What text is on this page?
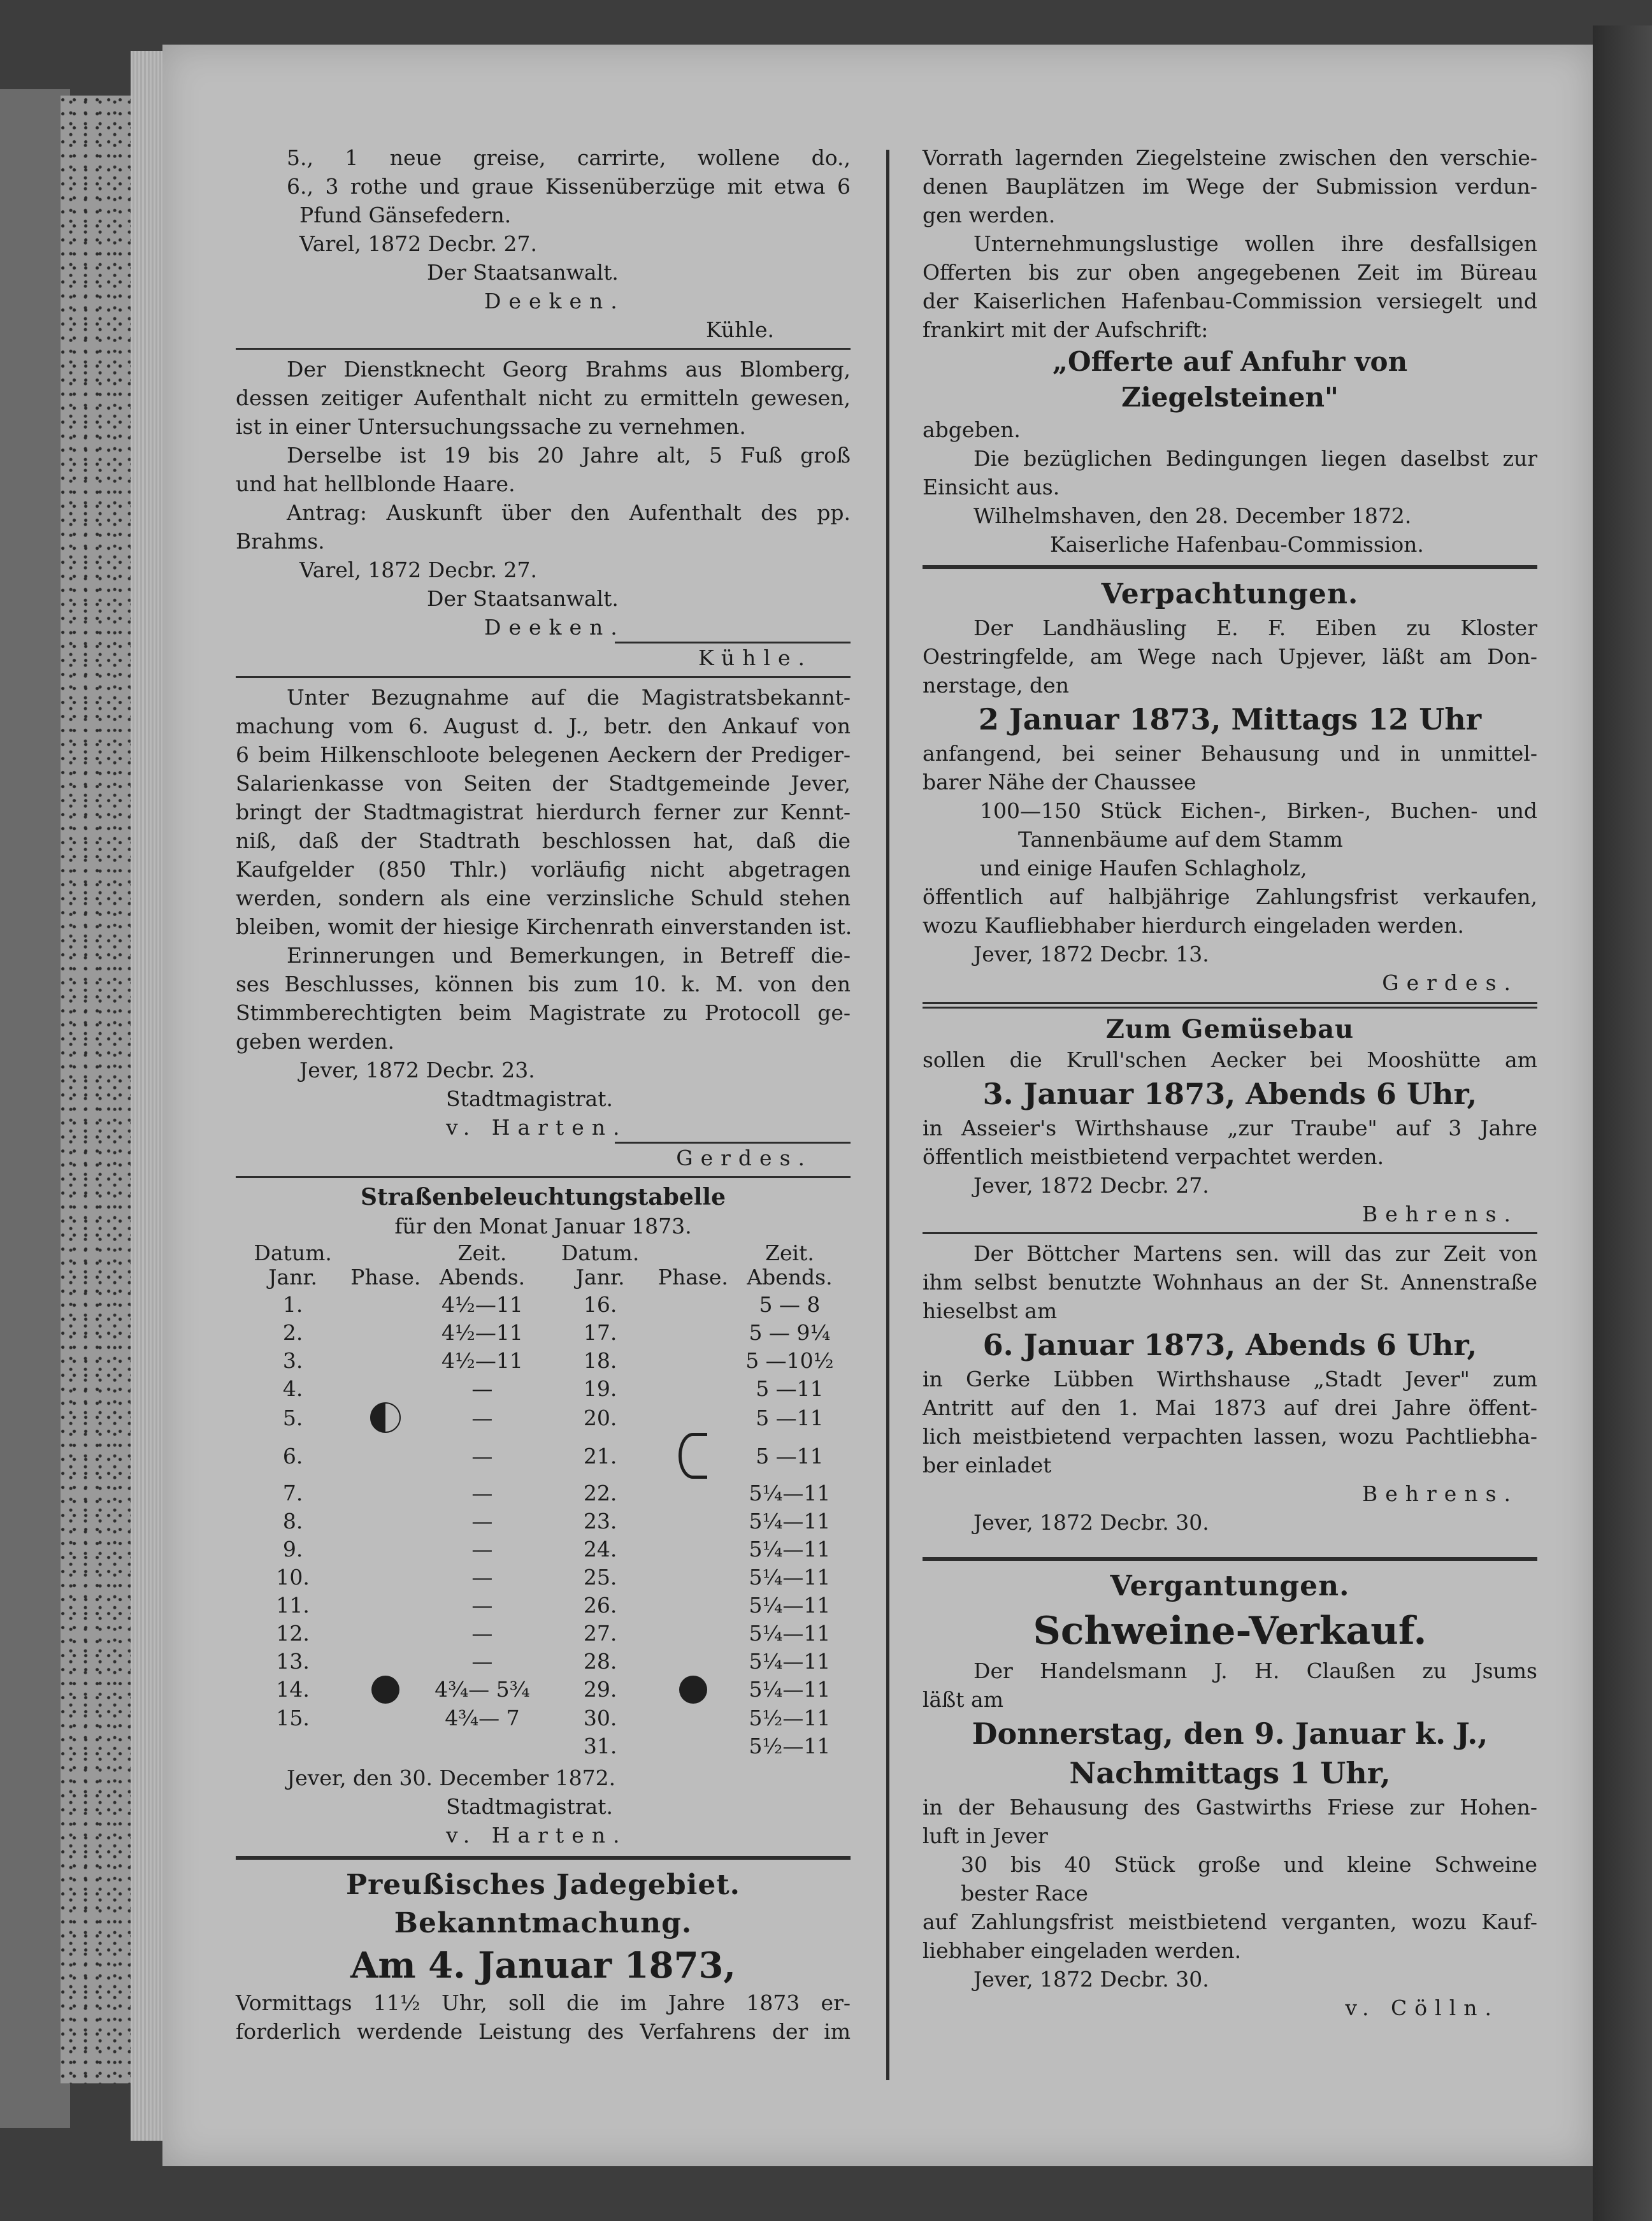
5., 1 neue greise, carrirte, wollene do.,
6., 3 rothe und graue Kissenüberzüge mit etwa 6
Pfund Gänsefedern.
Varel, 1872 Decbr. 27.
Der Staatsanwalt.
Deeken.
Kühle.
Der Dienstknecht Georg Brahms aus Blomberg,
dessen zeitiger Aufenthalt nicht zu ermitteln gewesen,
ist in einer Untersuchungssache zu vernehmen.
Derselbe ist 19 bis 20 Jahre alt, 5 Fuß groß
und hat hellblonde Haare.
Antrag: Auskunft über den Aufenthalt des pp.
Brahms.
Varel, 1872 Decbr. 27.
Der Staatsanwalt.
Deeken.
Kühle.
Unter Bezugnahme auf die Magistratsbekannt-
machung vom 6. August d. J., betr. den Ankauf von
6 beim Hilkenschloote belegenen Aeckern der Prediger-
Salarienkasse von Seiten der Stadtgemeinde Jever,
bringt der Stadtmagistrat hierdurch ferner zur Kennt-
niß, daß der Stadtrath beschlossen hat, daß die
Kaufgelder (850 Thlr.) vorläufig nicht abgetragen
werden, sondern als eine verzinsliche Schuld stehen
bleiben, womit der hiesige Kirchenrath einverstanden ist.
Erinnerungen und Bemerkungen, in Betreff die-
ses Beschlusses, können bis zum 10. k. M. von den
Stimmberechtigten beim Magistrate zu Protocoll ge-
geben werden.
Jever, 1872 Decbr. 23.
Stadtmagistrat.
v. Harten.
Gerdes.
Straßenbeleuchtungstabelle
für den Monat Januar 1873.
Datum. Janr.	Phase.	Zeit. Abends.	Datum. Janr.	Phase.	Zeit. Abends.
1.		4½—11	16.		5 — 8
2.		4½—11	17.		5 — 9¼
3.		4½—11	18.		5 —10½
4.		—	19.		5 —11
5.		—	20.		5 —11
6.		—	21.		5 —11
7.		—	22.		5¼—11
8.		—	23.		5¼—11
9.		—	24.		5¼—11
10.		—	25.		5¼—11
11.		—	26.		5¼—11
12.		—	27.		5¼—11
13.		—	28.		5¼—11
14.		4¾— 5¾	29.		5¼—11
15.		4¾— 7	30.		5½—11
			31.		5½—11
Jever, den 30. December 1872.
Stadtmagistrat.
v. Harten.
Preußisches Jadegebiet.
Bekanntmachung.
Am 4. Januar 1873,
Vormittags 11½ Uhr, soll die im Jahre 1873 er-
forderlich werdende Leistung des Verfahrens der im
Vorrath lagernden Ziegelsteine zwischen den verschie-
denen Bauplätzen im Wege der Submission verdun-
gen werden.
Unternehmungslustige wollen ihre desfallsigen
Offerten bis zur oben angegebenen Zeit im Büreau
der Kaiserlichen Hafenbau-Commission versiegelt und
frankirt mit der Aufschrift:
„Offerte auf Anfuhr von
Ziegelsteinen"
abgeben.
Die bezüglichen Bedingungen liegen daselbst zur
Einsicht aus.
Wilhelmshaven, den 28. December 1872.
Kaiserliche Hafenbau-Commission.
Verpachtungen.
Der Landhäusling E. F. Eiben zu Kloster
Oestringfelde, am Wege nach Upjever, läßt am Don-
nerstage, den
2 Januar 1873, Mittags 12 Uhr
anfangend, bei seiner Behausung und in unmittel-
barer Nähe der Chaussee
100—150 Stück Eichen-, Birken-, Buchen- und
Tannenbäume auf dem Stamm
und einige Haufen Schlagholz,
öffentlich auf halbjährige Zahlungsfrist verkaufen,
wozu Kaufliebhaber hierdurch eingeladen werden.
Jever, 1872 Decbr. 13.
Gerdes.
Zum Gemüsebau
sollen die Krull'schen Aecker bei Mooshütte am
3. Januar 1873, Abends 6 Uhr,
in Asseier's Wirthshause „zur Traube" auf 3 Jahre
öffentlich meistbietend verpachtet werden.
Jever, 1872 Decbr. 27.
Behrens.
Der Böttcher Martens sen. will das zur Zeit von
ihm selbst benutzte Wohnhaus an der St. Annenstraße
hieselbst am
6. Januar 1873, Abends 6 Uhr,
in Gerke Lübben Wirthshause „Stadt Jever" zum
Antritt auf den 1. Mai 1873 auf drei Jahre öffent-
lich meistbietend verpachten lassen, wozu Pachtliebha-
ber einladet
Behrens.
Jever, 1872 Decbr. 30.
Vergantungen.
Schweine-Verkauf.
Der Handelsmann J. H. Claußen zu Jsums
läßt am
Donnerstag, den 9. Januar k. J.,
Nachmittags 1 Uhr,
in der Behausung des Gastwirths Friese zur Hohen-
luft in Jever
30 bis 40 Stück große und kleine Schweine
bester Race
auf Zahlungsfrist meistbietend verganten, wozu Kauf-
liebhaber eingeladen werden.
Jever, 1872 Decbr. 30.
v. Cölln.
